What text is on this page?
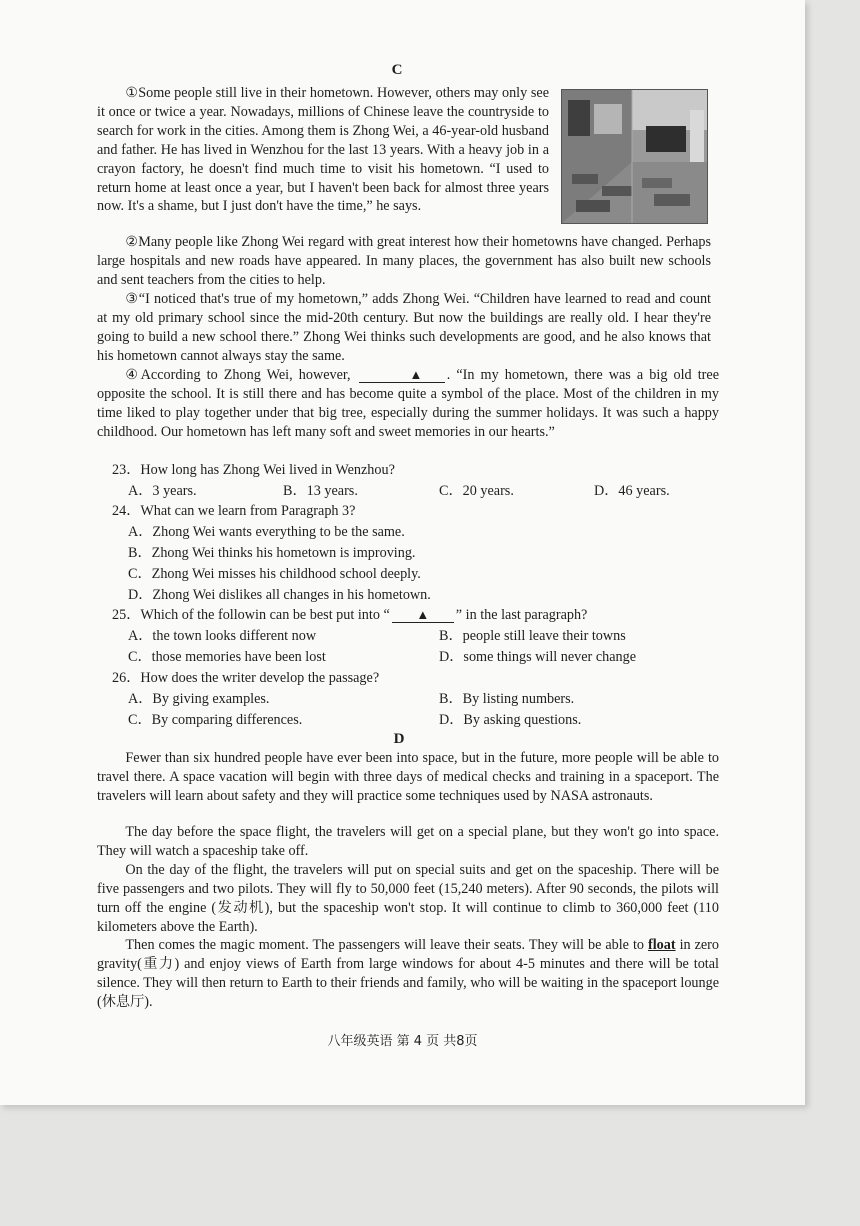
C

①Some people still live in their hometown. However, others may only see it once or twice a year. Nowadays, millions of Chinese leave the countryside to search for work in the cities. Among them is Zhong Wei, a 46-year-old husband and father. He has lived in Wenzhou for the last 13 years. With a heavy job in a crayon factory, he doesn't find much time to visit his hometown. “I used to return home at least once a year, but I haven't been back for almost three years now. It's a shame, but I just don't have the time,” he says.

②Many people like Zhong Wei regard with great interest how their hometowns have changed. Perhaps large hospitals and new roads have appeared. In many places, the government has also built new schools and sent teachers from the cities to help.

③“I noticed that's true of my hometown,” adds Zhong Wei. “Children have learned to read and count at my old primary school since the mid-20th century. But now the buildings are really old. I hear they're going to build a new school there.” Zhong Wei thinks such developments are good, and he also knows that his hometown cannot always stay the same.

④According to Zhong Wei, however,	▲ . “In my hometown, there was a big old tree opposite the school. It is still there and has become quite a symbol of the place. Most of the children in my time liked to play together under that big tree, especially during the summer holidays. It was such a happy childhood. Our hometown has left many soft and sweet memories in our hearts.”

23．How long has Zhong Wei lived in Wenzhou?
A．3 years.	B．13 years.	C．20 years.	D．46 years.
24．What can we learn from Paragraph 3?
A．Zhong Wei wants everything to be the same.
B．Zhong Wei thinks his hometown is improving.
C．Zhong Wei misses his childhood school deeply.
D．Zhong Wei dislikes all changes in his hometown.
25．Which of the followin can be best put into “ ▲ ” in the last paragraph?
A．the town looks different now	B．people still leave their towns
C．those memories have been lost	D．some things will never change
26．How does the writer develop the passage?
A．By giving examples.	B．By listing numbers.
C．By comparing differences.	D．By asking questions.
D

Fewer than six hundred people have ever been into space, but in the future, more people will be able to travel there. A space vacation will begin with three days of medical checks and training in a spaceport. The travelers will learn about safety and they will practice some techniques used by NASA astronauts.

The day before the space flight, the travelers will get on a special plane, but they won't go into space. They will watch a spaceship take off.

On the day of the flight, the travelers will put on special suits and get on the spaceship. There will be five passengers and two pilots. They will fly to 50,000 feet (15,240 meters). After 90 seconds, the pilots will turn off the engine (发动机), but the spaceship won't stop. It will continue to climb to 360,000 feet (110 kilometers above the Earth).

Then comes the magic moment. The passengers will leave their seats. They will be able to float in zero gravity(重力) and enjoy views of Earth from large windows for about 4-5 minutes and there will be total silence. They will then return to Earth to their friends and family, who will be waiting in the spaceport lounge (休息厅).

八年级英语 第 4 页 共8页
